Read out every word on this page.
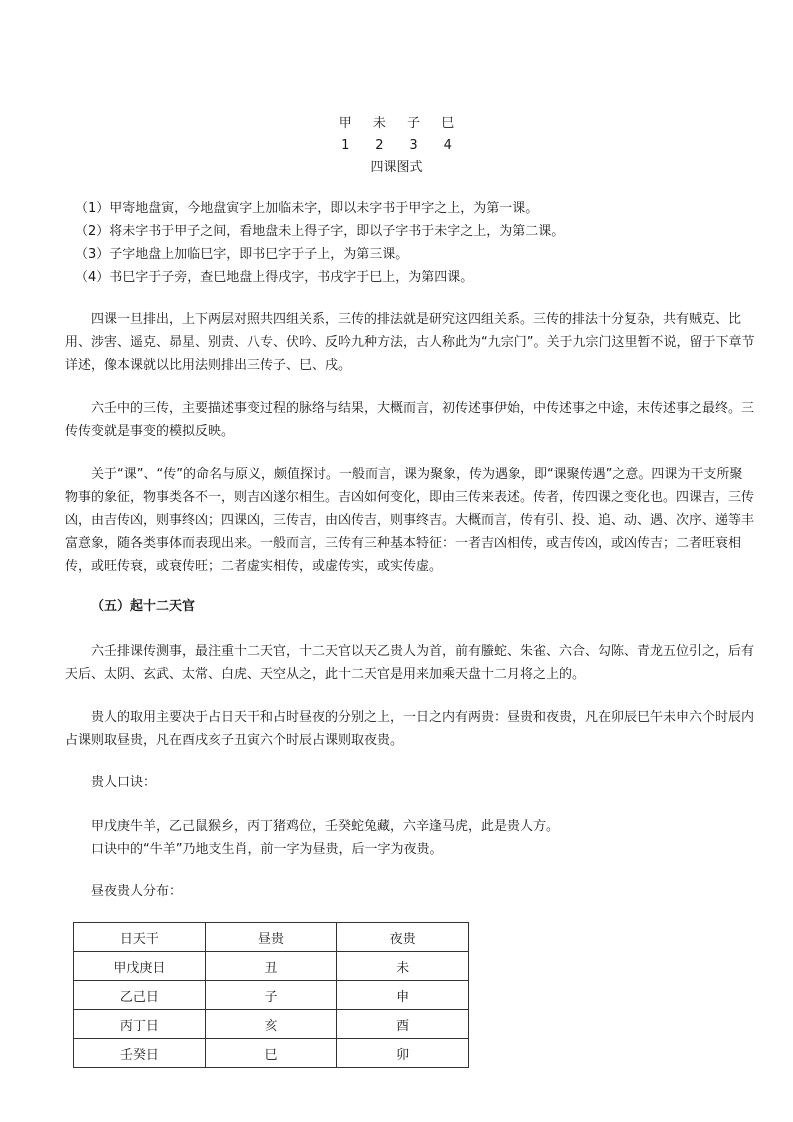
甲 未 子 巳
1 2 3 4
四课图式

（1）甲寄地盘寅，今地盘寅字上加临未字，即以未字书于甲字之上，为第一课。

（2）将未字书于甲子之间，看地盘未上得子字，即以子字书于未字之上，为第二课。

（3）子字地盘上加临巳字，即书巳字于子上，为第三课。

（4）书巳字于子旁，查巳地盘上得戌字，书戌字于巳上，为第四课。

四课一旦排出，上下两层对照共四组关系，三传的排法就是研究这四组关系。三传的排法十分复杂，共有贼克、比用、涉害、遥克、昴星、别责、八专、伏吟、反吟九种方法，古人称此为“九宗门”。关于九宗门这里暂不说，留于下章节详述，像本课就以比用法则排出三传子、巳、戌。

六壬中的三传，主要描述事变过程的脉络与结果，大概而言，初传述事伊始，中传述事之中途，末传述事之最终。三传传变就是事变的模拟反映。

关于“课”、“传”的命名与原义，颇值探讨。一般而言，课为聚象，传为遇象，即“课聚传遇”之意。四课为干支所聚物事的象征，物事类各不一，则吉凶遂尔相生。吉凶如何变化，即由三传来表述。传者，传四课之变化也。四课吉，三传凶，由吉传凶，则事终凶；四课凶，三传吉，由凶传吉，则事终吉。大概而言，传有引、投、追、动、遇、次序、递等丰富意象，随各类事体而表现出来。一般而言，三传有三种基本特征：一者吉凶相传，或吉传凶，或凶传吉；二者旺衰相传，或旺传衰，或衰传旺；二者虚实相传，或虚传实，或实传虚。

（五）起十二天官

六壬排课传测事，最注重十二天官，十二天官以天乙贵人为首，前有螣蛇、朱雀、六合、勾陈、青龙五位引之，后有天后、太阴、玄武、太常、白虎、天空从之，此十二天官是用来加乘天盘十二月将之上的。

贵人的取用主要决于占日天干和占时昼夜的分别之上，一日之内有两贵：昼贵和夜贵，凡在卯辰巳午未申六个时辰内占课则取昼贵，凡在酉戌亥子丑寅六个时辰占课则取夜贵。

贵人口诀：

甲戊庚牛羊，乙己鼠猴乡，丙丁猪鸡位，壬癸蛇兔藏，六辛逢马虎，此是贵人方。

口诀中的“牛羊”乃地支生肖，前一字为昼贵，后一字为夜贵。

昼夜贵人分布：

日天干	昼贵	夜贵
甲戊庚日	丑	未
乙己日	子	申
丙丁日	亥	酉
壬癸日	巳	卯
